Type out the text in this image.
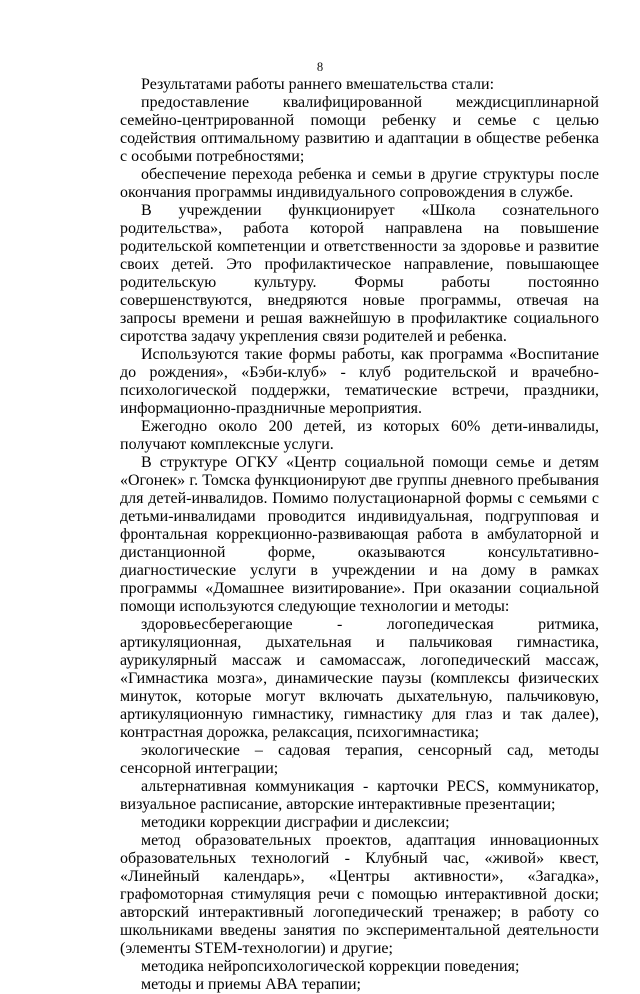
8

Результатами работы раннего вмешательства стали:

предоставление квалифицированной междисциплинарной семейно-центрированной помощи ребенку и семье с целью содействия оптимальному развитию и адаптации в обществе ребенка с особыми потребностями;

обеспечение перехода ребенка и семьи в другие структуры после окончания программы индивидуального сопровождения в службе.

В учреждении функционирует «Школа сознательного родительства», работа которой направлена на повышение родительской компетенции и ответственности за здоровье и развитие своих детей. Это профилактическое направление, повышающее родительскую культуру. Формы работы постоянно совершенствуются, внедряются новые программы, отвечая на запросы времени и решая важнейшую в профилактике социального сиротства задачу укрепления связи родителей и ребенка.

Используются такие формы работы, как программа «Воспитание до рождения», «Бэби-клуб» - клуб родительской и врачебно-психологической поддержки, тематические встречи, праздники, информационно-праздничные мероприятия.

Ежегодно около 200 детей, из которых 60% дети-инвалиды, получают комплексные услуги.

В структуре ОГКУ «Центр социальной помощи семье и детям «Огонек» г. Томска функционируют две группы дневного пребывания для детей-инвалидов. Помимо полустационарной формы с семьями с детьми-инвалидами проводится индивидуальная, подгрупповая и фронтальная коррекционно-развивающая работа в амбулаторной и дистанционной форме, оказываются консультативно-диагностические услуги в учреждении и на дому в рамках программы «Домашнее визитирование». При оказании социальной помощи используются следующие технологии и методы:

здоровьесберегающие - логопедическая ритмика, артикуляционная, дыхательная и пальчиковая гимнастика, аурикулярный массаж и самомассаж, логопедический массаж, «Гимнастика мозга», динамические паузы (комплексы физических минуток, которые могут включать дыхательную, пальчиковую, артикуляционную гимнастику, гимнастику для глаз и так далее), контрастная дорожка, релаксация, психогимнастика;

экологические – садовая терапия, сенсорный сад, методы сенсорной интеграции;

альтернативная коммуникация - карточки PECS, коммуникатор, визуальное расписание, авторские интерактивные презентации;

методики коррекции дисграфии и дислексии;

метод образовательных проектов, адаптация инновационных образовательных технологий - Клубный час, «живой» квест, «Линейный календарь», «Центры активности», «Загадка», графомоторная стимуляция речи с помощью интерактивной доски; авторский интерактивный логопедический тренажер; в работу со школьниками введены занятия по экспериментальной деятельности (элементы STEM-технологии) и другие;

методика нейропсихологической коррекции поведения;

методы и приемы АВА терапии;
